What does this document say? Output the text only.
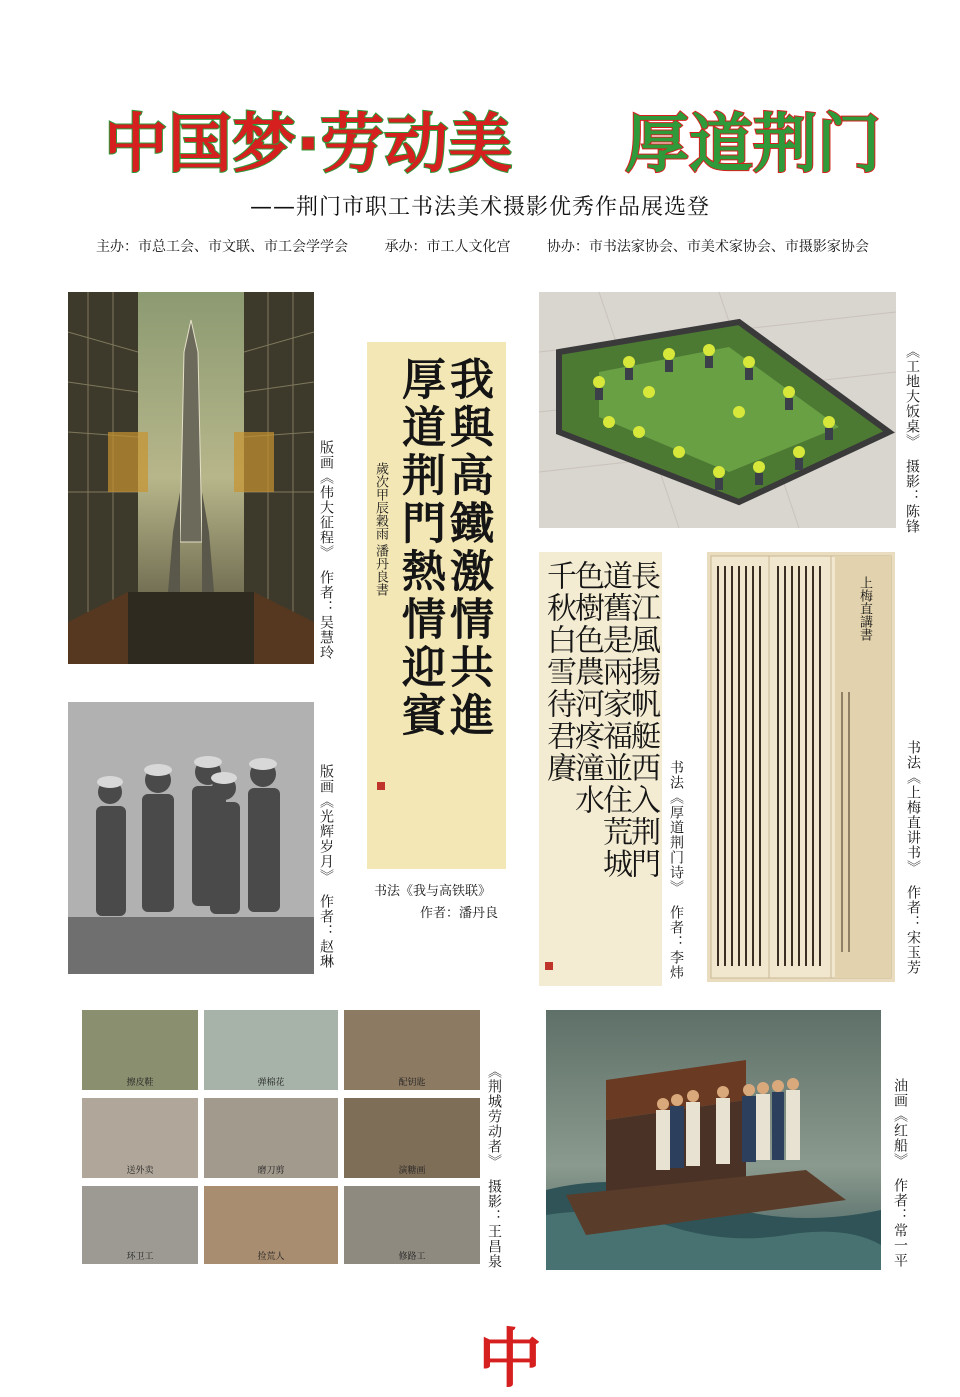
中国梦·劳动美 厚道荆门
——荆门市职工书法美术摄影优秀作品展选登
主办：市总工会、市文联、市工会学学会	承办：市工人文化宫	协办：市书法家协会、市美术家协会、市摄影家协会
版画《伟大征程》作者：吴慧玲
版画《光辉岁月》作者：赵琳
我與高鐵激情共進
厚道荆門熱情迎賓
歲次甲辰穀雨 潘丹良書
书法《我与高铁联》
作者：潘丹良
《工地大饭桌》摄影：陈锋
長江風揚帆艇西入荆門
道舊是兩家福並住荒城
色樹色農河疼潼水
千秋白雪待君賡	书法《厚道荆门诗》作者：李炜
上梅直講書
书法《上梅直讲书》作者：宋玉芳
擦皮鞋	弹棉花	配钥匙
送外卖	磨刀剪	演糖画
环卫工	捡荒人	修路工
《荆城劳动者》摄影：王昌泉
油画《红船》作者：常一平
中
